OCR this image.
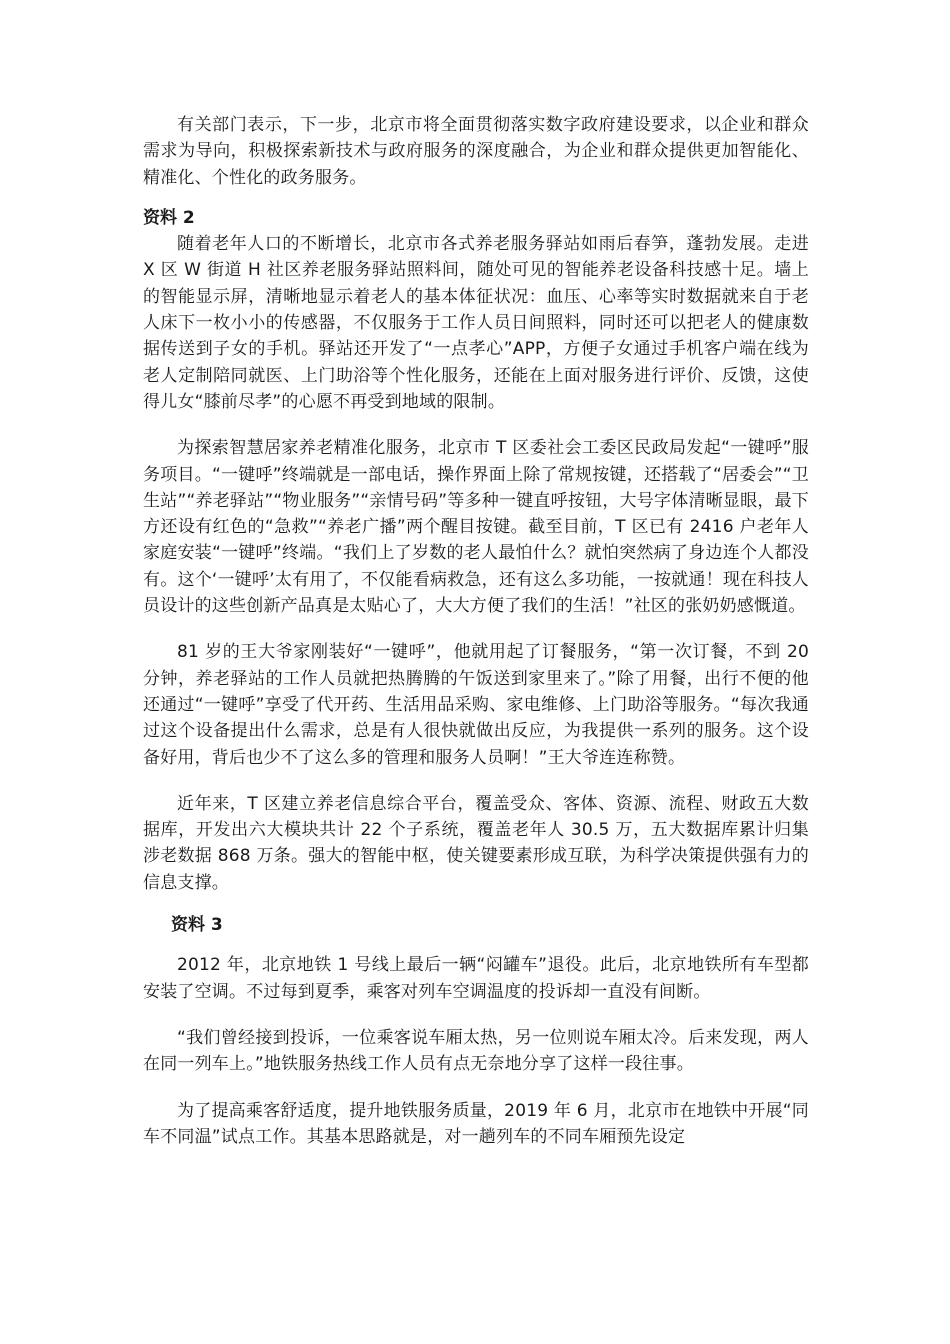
有关部门表示，下一步，北京市将全面贯彻落实数字政府建设要求，以企业和群众需求为导向，积极探索新技术与政府服务的深度融合，为企业和群众提供更加智能化、精准化、个性化的政务服务。

资料 2

随着老年人口的不断增长，北京市各式养老服务驿站如雨后春笋，蓬勃发展。走进 X 区 W 街道 H 社区养老服务驿站照料间，随处可见的智能养老设备科技感十足。墙上的智能显示屏，清晰地显示着老人的基本体征状况：血压、心率等实时数据就来自于老人床下一枚小小的传感器，不仅服务于工作人员日间照料，同时还可以把老人的健康数据传送到子女的手机。驿站还开发了“一点孝心”APP，方便子女通过手机客户端在线为老人定制陪同就医、上门助浴等个性化服务，还能在上面对服务进行评价、反馈，这使得儿女“膝前尽孝”的心愿不再受到地域的限制。

为探索智慧居家养老精准化服务，北京市 T 区委社会工委区民政局发起“一键呼”服务项目。“一键呼”终端就是一部电话，操作界面上除了常规按键，还搭载了“居委会”“卫生站”“养老驿站”“物业服务”“亲情号码”等多种一键直呼按钮，大号字体清晰显眼，最下方还设有红色的“急救”“养老广播”两个醒目按键。截至目前，T 区已有 2416 户老年人家庭安装“一键呼”终端。“我们上了岁数的老人最怕什么？就怕突然病了身边连个人都没有。这个‘一键呼’太有用了，不仅能看病救急，还有这么多功能，一按就通！现在科技人员设计的这些创新产品真是太贴心了，大大方便了我们的生活！”社区的张奶奶感慨道。

81 岁的王大爷家刚装好“一键呼”，他就用起了订餐服务，“第一次订餐，不到 20 分钟，养老驿站的工作人员就把热腾腾的午饭送到家里来了。”除了用餐，出行不便的他还通过“一键呼”享受了代开药、生活用品采购、家电维修、上门助浴等服务。“每次我通过这个设备提出什么需求，总是有人很快就做出反应，为我提供一系列的服务。这个设备好用，背后也少不了这么多的管理和服务人员啊！”王大爷连连称赞。

近年来，T 区建立养老信息综合平台，覆盖受众、客体、资源、流程、财政五大数据库，开发出六大模块共计 22 个子系统，覆盖老年人 30.5 万，五大数据库累计归集涉老数据 868 万条。强大的智能中枢，使关键要素形成互联，为科学决策提供强有力的信息支撑。

资料 3

2012 年，北京地铁 1 号线上最后一辆“闷罐车”退役。此后，北京地铁所有车型都安装了空调。不过每到夏季，乘客对列车空调温度的投诉却一直没有间断。

“我们曾经接到投诉，一位乘客说车厢太热，另一位则说车厢太冷。后来发现，两人在同一列车上。”地铁服务热线工作人员有点无奈地分享了这样一段往事。

为了提高乘客舒适度，提升地铁服务质量，2019 年 6 月，北京市在地铁中开展“同车不同温”试点工作。其基本思路就是，对一趟列车的不同车厢预先设定
